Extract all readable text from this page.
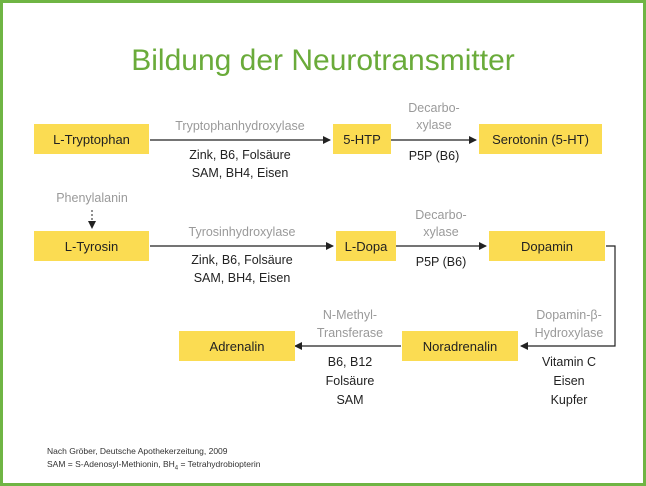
Bildung der Neurotransmitter
L-Tryptophan	5-HTP	Serotonin (5-HT)
Tryptophanhydroxylase
Zink, B6, Folsäure
SAM, BH4, Eisen
Decarbo-
xylase
P5P (B6)
Phenylalanin
L-Tyrosin	L-Dopa	Dopamin
Tyrosinhydroxylase
Zink, B6, Folsäure
SAM, BH4, Eisen
Decarbo-
xylase
P5P (B6)
Adrenalin	Noradrenalin
N-Methyl-
Transferase
B6, B12
Folsäure
SAM
Dopamin-β-
Hydroxylase
Vitamin C
Eisen
Kupfer
Nach Gröber, Deutsche Apothekerzeitung, 2009
SAM = S-Adenosyl-Methionin, $BH_4$ = Tetrahydrobiopterin
